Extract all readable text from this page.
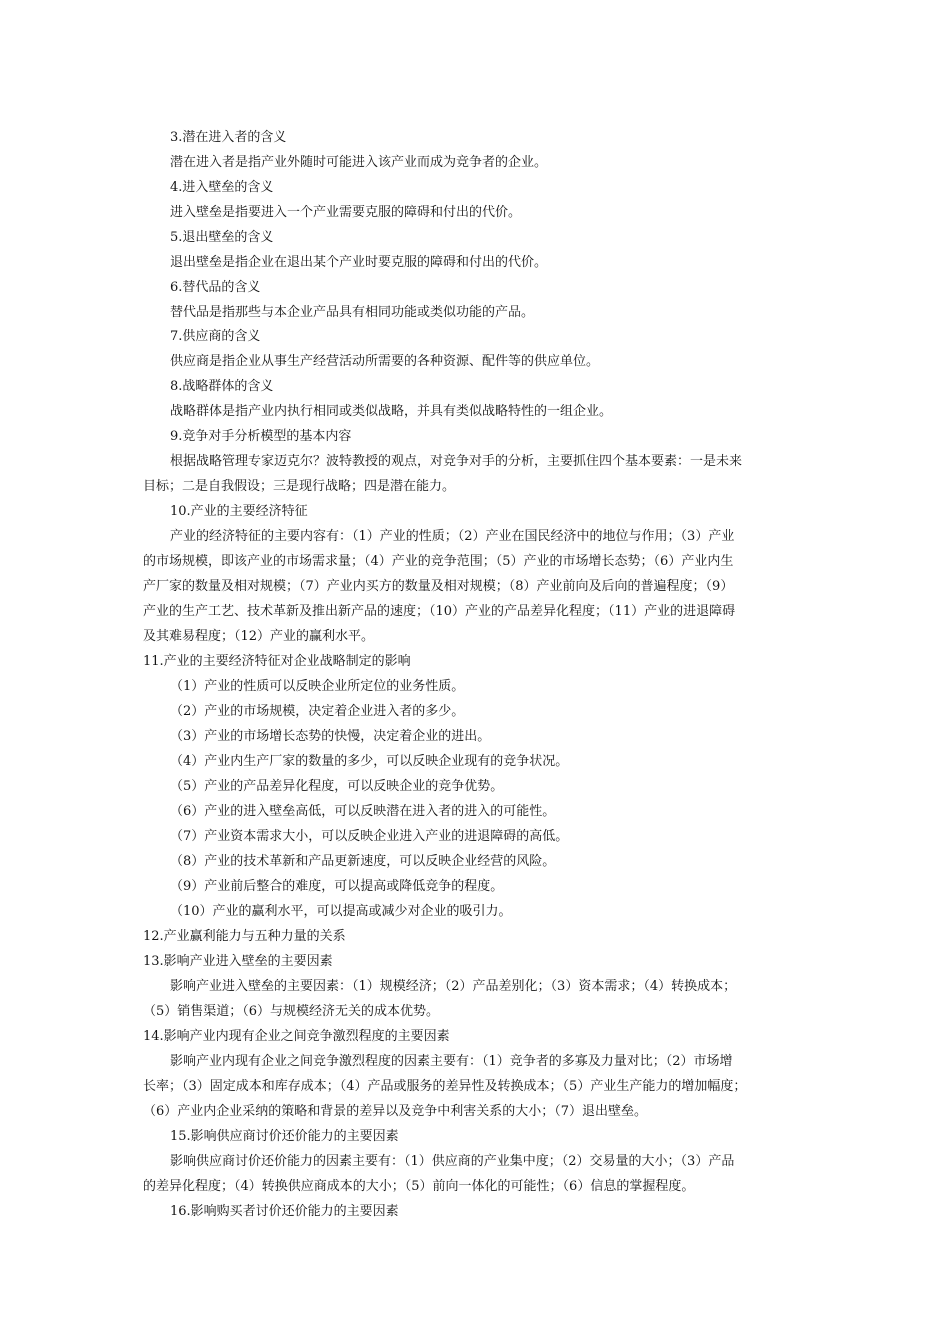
3.潜在进入者的含义
潜在进入者是指产业外随时可能进入该产业而成为竞争者的企业。
4.进入壁垒的含义
进入壁垒是指要进入一个产业需要克服的障碍和付出的代价。
5.退出壁垒的含义
退出壁垒是指企业在退出某个产业时要克服的障碍和付出的代价。
6.替代品的含义
替代品是指那些与本企业产品具有相同功能或类似功能的产品。
7.供应商的含义
供应商是指企业从事生产经营活动所需要的各种资源、配件等的供应单位。
8.战略群体的含义
战略群体是指产业内执行相同或类似战略，并具有类似战略特性的一组企业。
9.竞争对手分析模型的基本内容
根据战略管理专家迈克尔？波特教授的观点，对竞争对手的分析，主要抓住四个基本要素：一是未来
目标；二是自我假设；三是现行战略；四是潜在能力。
10.产业的主要经济特征
产业的经济特征的主要内容有：（1）产业的性质；（2）产业在国民经济中的地位与作用；（3）产业
的市场规模，即该产业的市场需求量；（4）产业的竞争范围；（5）产业的市场增长态势；（6）产业内生
产厂家的数量及相对规模；（7）产业内买方的数量及相对规模；（8）产业前向及后向的普遍程度；（9）
产业的生产工艺、技术革新及推出新产品的速度；（10）产业的产品差异化程度；（11）产业的进退障碍
及其难易程度；（12）产业的赢利水平。
11.产业的主要经济特征对企业战略制定的影响
（1）产业的性质可以反映企业所定位的业务性质。
（2）产业的市场规模，决定着企业进入者的多少。
（3）产业的市场增长态势的快慢，决定着企业的进出。
（4）产业内生产厂家的数量的多少，可以反映企业现有的竞争状况。
（5）产业的产品差异化程度，可以反映企业的竞争优势。
（6）产业的进入壁垒高低，可以反映潜在进入者的进入的可能性。
（7）产业资本需求大小，可以反映企业进入产业的进退障碍的高低。
（8）产业的技术革新和产品更新速度，可以反映企业经营的风险。
（9）产业前后整合的难度，可以提高或降低竞争的程度。
（10）产业的赢利水平，可以提高或减少对企业的吸引力。
12.产业赢利能力与五种力量的关系
13.影响产业进入壁垒的主要因素
影响产业进入壁垒的主要因素：（1）规模经济；（2）产品差别化；（3）资本需求；（4）转换成本；
（5）销售渠道；（6）与规模经济无关的成本优势。
14.影响产业内现有企业之间竞争激烈程度的主要因素
影响产业内现有企业之间竞争激烈程度的因素主要有：（1）竞争者的多寡及力量对比；（2）市场增
长率；（3）固定成本和库存成本；（4）产品或服务的差异性及转换成本；（5）产业生产能力的增加幅度；
（6）产业内企业采纳的策略和背景的差异以及竞争中利害关系的大小；（7）退出壁垒。
15.影响供应商讨价还价能力的主要因素
影响供应商讨价还价能力的因素主要有：（1）供应商的产业集中度；（2）交易量的大小；（3）产品
的差异化程度；（4）转换供应商成本的大小；（5）前向一体化的可能性；（6）信息的掌握程度。
16.影响购买者讨价还价能力的主要因素
